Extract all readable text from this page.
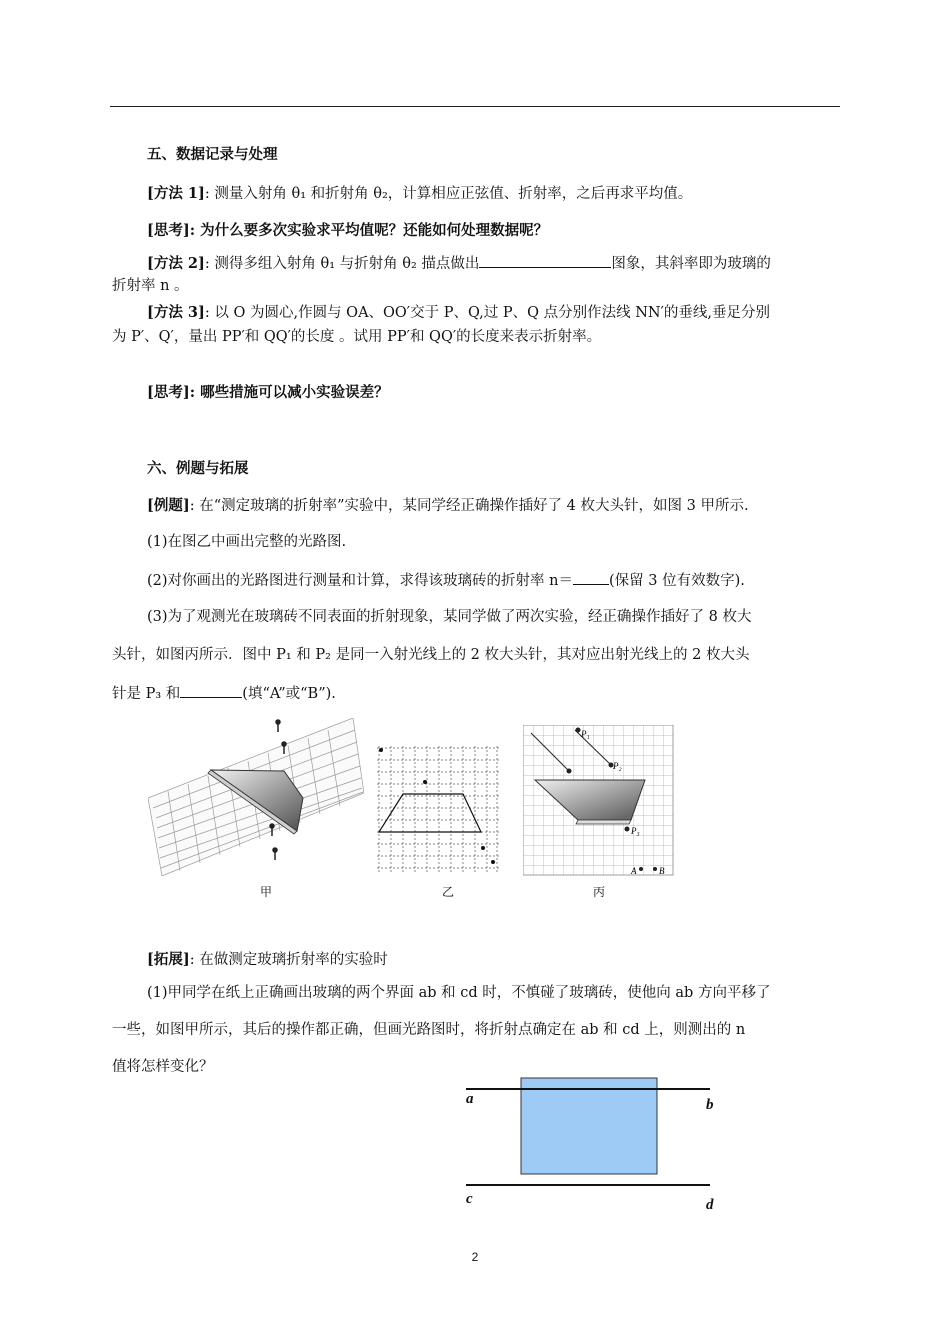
五、数据记录与处理
[方法 1]: 测量入射角 θ₁ 和折射角 θ₂，计算相应正弦值、折射率，之后再求平均值。
[思考]: 为什么要多次实验求平均值呢？还能如何处理数据呢？
[方法 2]: 测得多组入射角 θ₁ 与折射角 θ₂ 描点做出	图象，其斜率即为玻璃的
折射率 n 。
[方法 3]: 以 O 为圆心,作圆与 OA、OO′交于 P、Q,过 P、Q 点分别作法线 NN′的垂线,垂足分别
为 P′、Q′，量出 PP′和 QQ′的长度 。试用 PP′和 QQ′的长度来表示折射率。
[思考]: 哪些措施可以减小实验误差？
六、例题与拓展
[例题]: 在“测定玻璃的折射率”实验中，某同学经正确操作插好了 4 枚大头针，如图 3 甲所示.
(1)在图乙中画出完整的光路图.
(2)对你画出的光路图进行测量和计算，求得该玻璃砖的折射率 n＝ (保留 3 位有效数字).
(3)为了观测光在玻璃砖不同表面的折射现象，某同学做了两次实验，经正确操作插好了 8 枚大
头针，如图丙所示．图中 P₁ 和 P₂ 是同一入射光线上的 2 枚大头针，其对应出射光线上的 2 枚大头
针是 P₃ 和	(填“A”或“B”).
甲	乙
P₁
P₂
P₃
A	B
丙
[拓展]: 在做测定玻璃折射率的实验时
(1)甲同学在纸上正确画出玻璃的两个界面 ab 和 cd 时，不慎碰了玻璃砖，使他向 ab 方向平移了
一些，如图甲所示，其后的操作都正确，但画光路图时，将折射点确定在 ab 和 cd 上，则测出的 n
值将怎样变化？
a	b
c	d
2
